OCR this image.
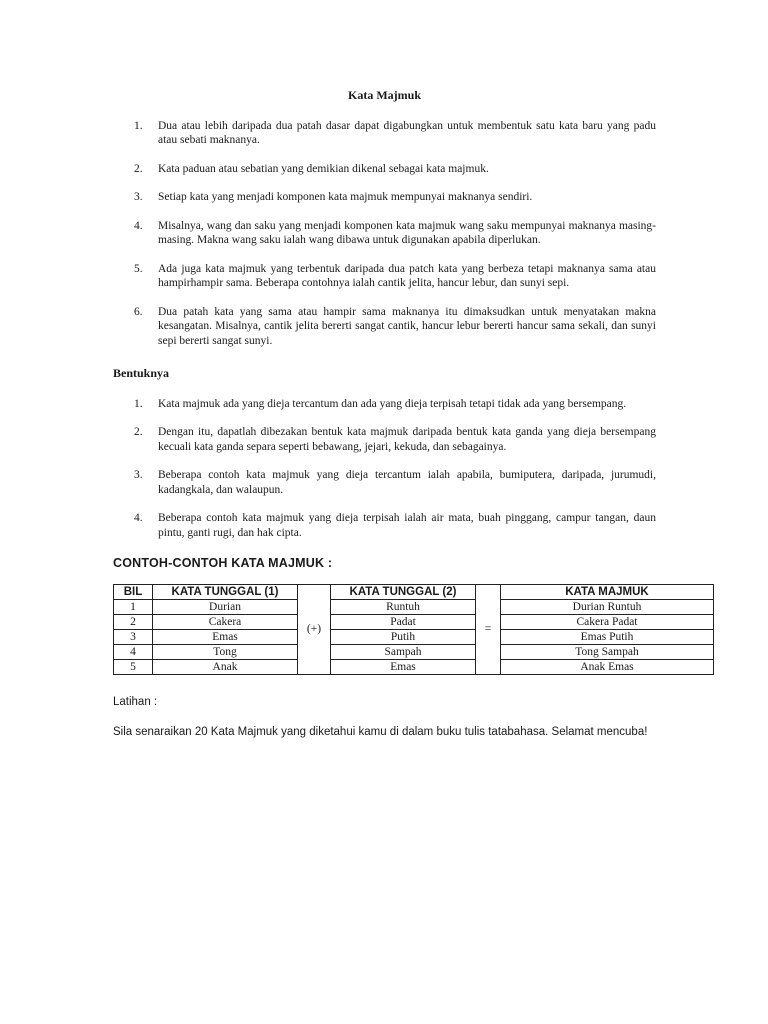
Kata Majmuk
1. Dua atau lebih daripada dua patah dasar dapat digabungkan untuk membentuk satu kata baru yang padu atau sebati maknanya.
2. Kata paduan atau sebatian yang demikian dikenal sebagai kata majmuk.
3. Setiap kata yang menjadi komponen kata majmuk mempunyai maknanya sendiri.
4. Misalnya, wang dan saku yang menjadi komponen kata majmuk wang saku mempunyai maknanya masing-masing. Makna wang saku ialah wang dibawa untuk digunakan apabila diperlukan.
5. Ada juga kata majmuk yang terbentuk daripada dua patch kata yang berbeza tetapi maknanya sama atau hampirhampir sama. Beberapa contohnya ialah cantik jelita, hancur lebur, dan sunyi sepi.
6. Dua patah kata yang sama atau hampir sama maknanya itu dimaksudkan untuk menyatakan makna kesangatan. Misalnya, cantik jelita bererti sangat cantik, hancur lebur bererti hancur sama sekali, dan sunyi sepi bererti sangat sunyi.
Bentuknya
1. Kata majmuk ada yang dieja tercantum dan ada yang dieja terpisah tetapi tidak ada yang bersempang.
2. Dengan itu, dapatlah dibezakan bentuk kata majmuk daripada bentuk kata ganda yang dieja bersempang kecuali kata ganda separa seperti bebawang, jejari, kekuda, dan sebagainya.
3. Beberapa contoh kata majmuk yang dieja tercantum ialah apabila, bumiputera, daripada, jurumudi, kadangkala, dan walaupun.
4. Beberapa contoh kata majmuk yang dieja terpisah ialah air mata, buah pinggang, campur tangan, daun pintu, ganti rugi, dan hak cipta.
CONTOH-CONTOH KATA MAJMUK :
BIL	KATA TUNGGAL (1)	(+)	KATA TUNGGAL (2)	=	KATA MAJMUK
1	Durian		Runtuh		Durian Runtuh
2	Cakera		Padat		Cakera Padat
3	Emas		Putih		Emas Putih
4	Tong		Sampah		Tong Sampah
5	Anak		Emas		Anak Emas
Latihan :
Sila senaraikan 20 Kata Majmuk yang diketahui kamu di dalam buku tulis tatabahasa. Selamat mencuba!
